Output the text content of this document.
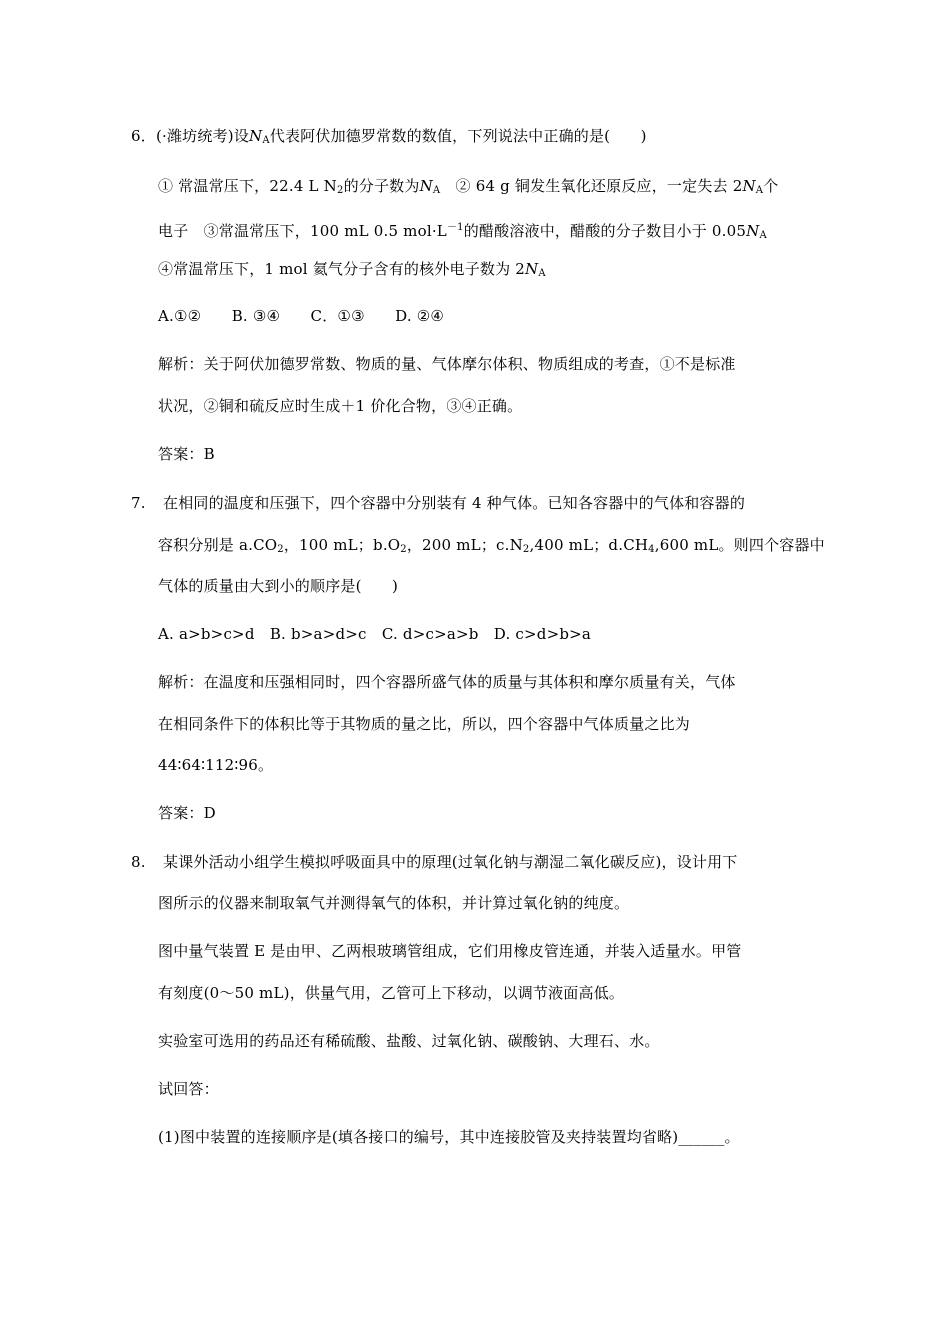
6．(·潍坊统考)设$N_A$代表阿伏加德罗常数的数值，下列说法中正确的是(　　)
① 常温常压下，22.4 L $N_2$的分子数为$N_A$　② 64 g 铜发生氧化还原反应，一定失去 $2N_A$个
电子　③常温常压下，100 mL 0.5 $mol\cdot L^{-1}$的醋酸溶液中，醋酸的分子数目小于 $0.05N_A$
④常温常压下，1 mol 氦气分子含有的核外电子数为 $2N_A$
A.①②　　B. ③④　　C．①③　　D. ②④
解析：关于阿伏加德罗常数、物质的量、气体摩尔体积、物质组成的考查，①不是标准
状况，②铜和硫反应时生成＋1 价化合物，③④正确。
答案：B
7. 在相同的温度和压强下，四个容器中分别装有 4 种气体。已知各容器中的气体和容器的
容积分别是 $a.CO_2$，100 mL；$b.O_2$，200 mL；$c.N_2,400$ mL；$d.CH_4,600$ mL。则四个容器中
气体的质量由大到小的顺序是(　　)
A. a>b>c>d　B. b>a>d>c　C. d>c>a>b　D. c>d>b>a
解析：在温度和压强相同时，四个容器所盛气体的质量与其体积和摩尔质量有关，气体
在相同条件下的体积比等于其物质的量之比，所以，四个容器中气体质量之比为
44∶64∶112∶96。
答案：D
8. 某课外活动小组学生模拟呼吸面具中的原理(过氧化钠与潮湿二氧化碳反应)，设计用下
图所示的仪器来制取氧气并测得氧气的体积，并计算过氧化钠的纯度。
图中量气装置 E 是由甲、乙两根玻璃管组成，它们用橡皮管连通，并装入适量水。甲管
有刻度(0～50 mL)，供量气用，乙管可上下移动，以调节液面高低。
实验室可选用的药品还有稀硫酸、盐酸、过氧化钠、碳酸钠、大理石、水。
试回答：
(1)图中装置的连接顺序是(填各接口的编号，其中连接胶管及夹持装置均省略)______。
